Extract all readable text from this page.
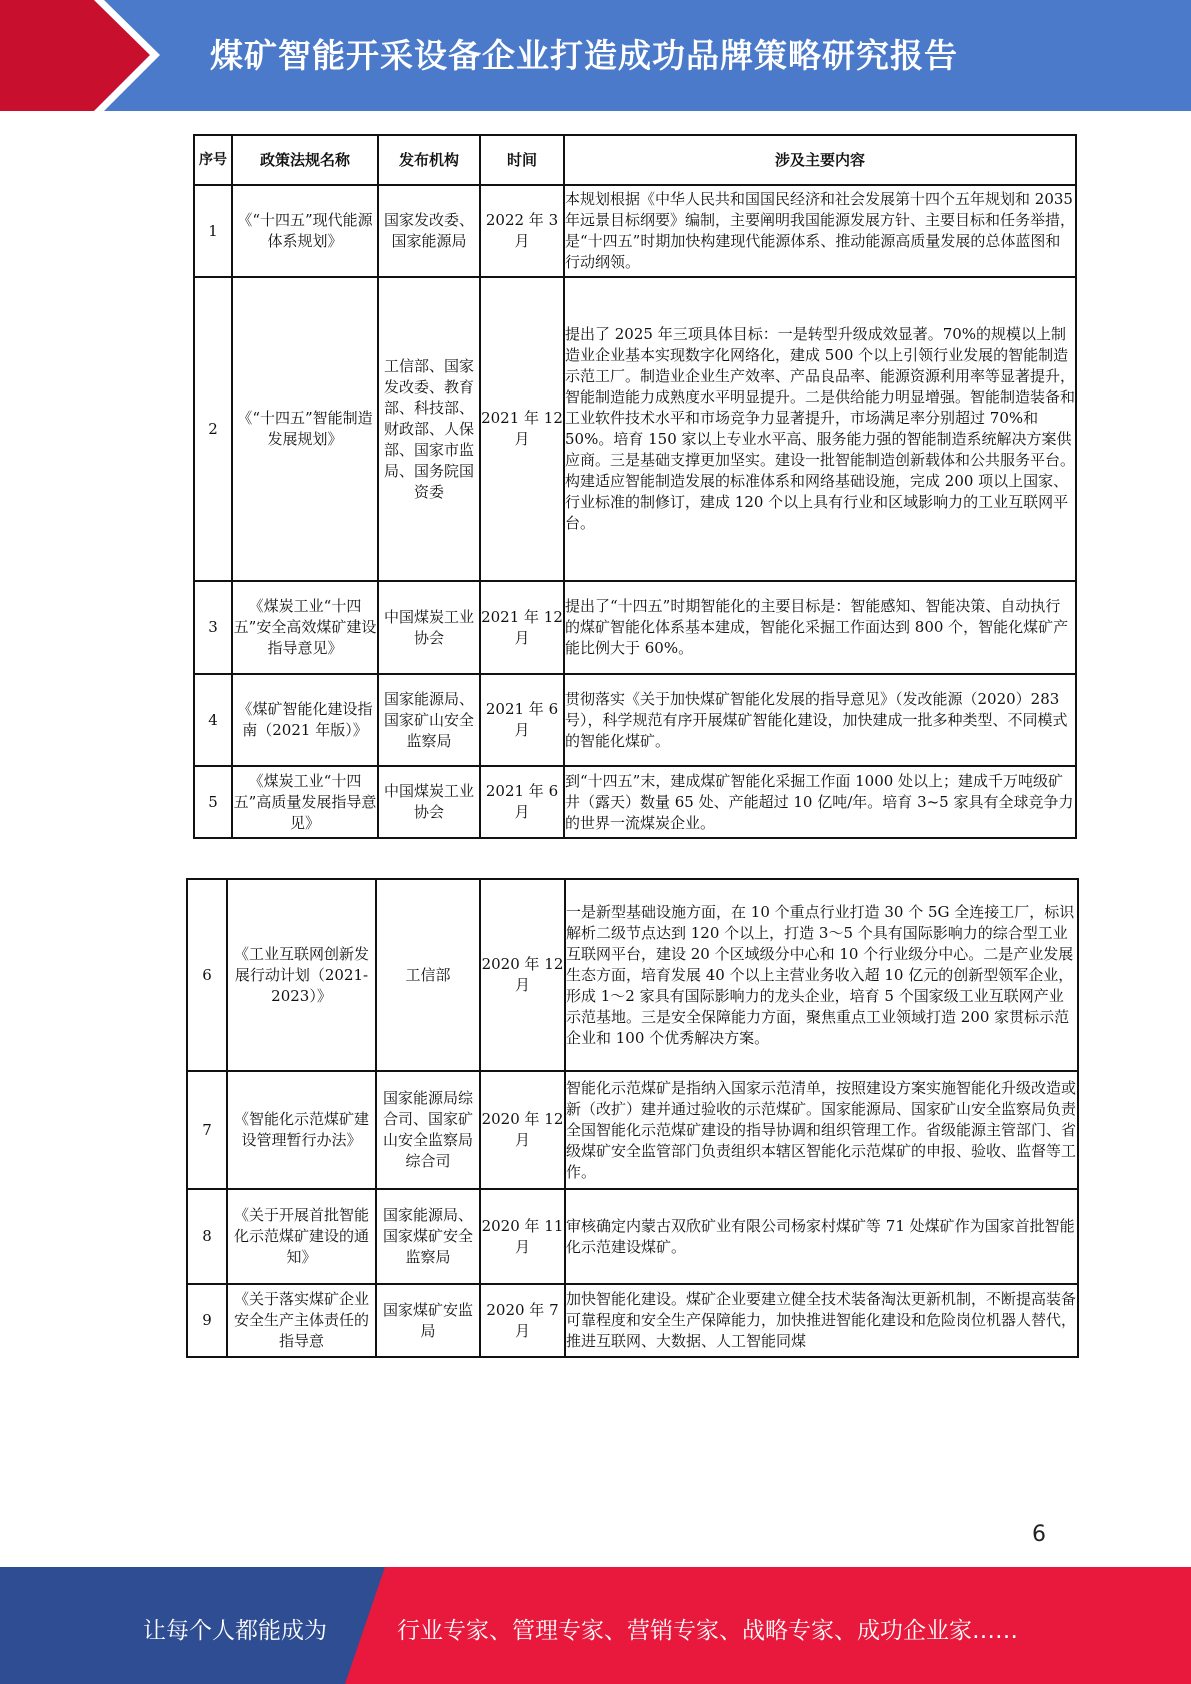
煤矿智能开采设备企业打造成功品牌策略研究报告
序号	政策法规名称	发布机构	时间	涉及主要内容
1	《“十四五”现代能源体系规划》	国家发改委、国家能源局	2022 年 3 月	本规划根据《中华人民共和国国民经济和社会发展第十四个五年规划和 2035 年远景目标纲要》编制，主要阐明我国能源发展方针、主要目标和任务举措，是“十四五”时期加快构建现代能源体系、推动能源高质量发展的总体蓝图和行动纲领。
2	《“十四五”智能制造发展规划》	工信部、国家发改委、教育部、科技部、财政部、人保部、国家市监局、国务院国资委	2021 年 12 月	提出了 2025 年三项具体目标：一是转型升级成效显著。70%的规模以上制造业企业基本实现数字化网络化，建成 500 个以上引领行业发展的智能制造示范工厂。制造业企业生产效率、产品良品率、能源资源利用率等显著提升，智能制造能力成熟度水平明显提升。二是供给能力明显增强。智能制造装备和工业软件技术水平和市场竞争力显著提升，市场满足率分别超过 70%和 50%。培育 150 家以上专业水平高、服务能力强的智能制造系统解决方案供应商。三是基础支撑更加坚实。建设一批智能制造创新载体和公共服务平台。构建适应智能制造发展的标准体系和网络基础设施，完成 200 项以上国家、行业标准的制修订，建成 120 个以上具有行业和区域影响力的工业互联网平台。
3	《煤炭工业“十四五”安全高效煤矿建设指导意见》	中国煤炭工业协会	2021 年 12 月	提出了“十四五”时期智能化的主要目标是：智能感知、智能决策、自动执行的煤矿智能化体系基本建成，智能化采掘工作面达到 800 个，智能化煤矿产能比例大于 60%。
4	《煤矿智能化建设指南（2021 年版）》	国家能源局、国家矿山安全监察局	2021 年 6 月	贯彻落实《关于加快煤矿智能化发展的指导意见》（发改能源（2020）283 号），科学规范有序开展煤矿智能化建设，加快建成一批多种类型、不同模式的智能化煤矿。
5	《煤炭工业“十四五”高质量发展指导意见》	中国煤炭工业协会	2021 年 6 月	到“十四五”末，建成煤矿智能化采掘工作面 1000 处以上；建成千万吨级矿井（露天）数量 65 处、产能超过 10 亿吨/年。培育 3~5 家具有全球竞争力的世界一流煤炭企业。
6	《工业互联网创新发展行动计划（2021-2023）》	工信部	2020 年 12 月	一是新型基础设施方面，在 10 个重点行业打造 30 个 5G 全连接工厂，标识解析二级节点达到 120 个以上，打造 3～5 个具有国际影响力的综合型工业互联网平台，建设 20 个区域级分中心和 10 个行业级分中心。二是产业发展生态方面，培育发展 40 个以上主营业务收入超 10 亿元的创新型领军企业，形成 1～2 家具有国际影响力的龙头企业，培育 5 个国家级工业互联网产业示范基地。三是安全保障能力方面，聚焦重点工业领域打造 200 家贯标示范企业和 100 个优秀解决方案。
7	《智能化示范煤矿建设管理暂行办法》	国家能源局综合司、国家矿山安全监察局综合司	2020 年 12 月	智能化示范煤矿是指纳入国家示范清单，按照建设方案实施智能化升级改造或新（改扩）建并通过验收的示范煤矿。国家能源局、国家矿山安全监察局负责全国智能化示范煤矿建设的指导协调和组织管理工作。省级能源主管部门、省级煤矿安全监管部门负责组织本辖区智能化示范煤矿的申报、验收、监督等工作。
8	《关于开展首批智能化示范煤矿建设的通知》	国家能源局、国家煤矿安全监察局	2020 年 11 月	审核确定内蒙古双欣矿业有限公司杨家村煤矿等 71 处煤矿作为国家首批智能化示范建设煤矿。
9	《关于落实煤矿企业安全生产主体责任的指导意	国家煤矿安监局	2020 年 7 月	加快智能化建设。煤矿企业要建立健全技术装备淘汰更新机制，不断提高装备可靠程度和安全生产保障能力，加快推进智能化建设和危险岗位机器人替代，推进互联网、大数据、人工智能同煤
6
让每个人都能成为	行业专家、管理专家、营销专家、战略专家、成功企业家……
